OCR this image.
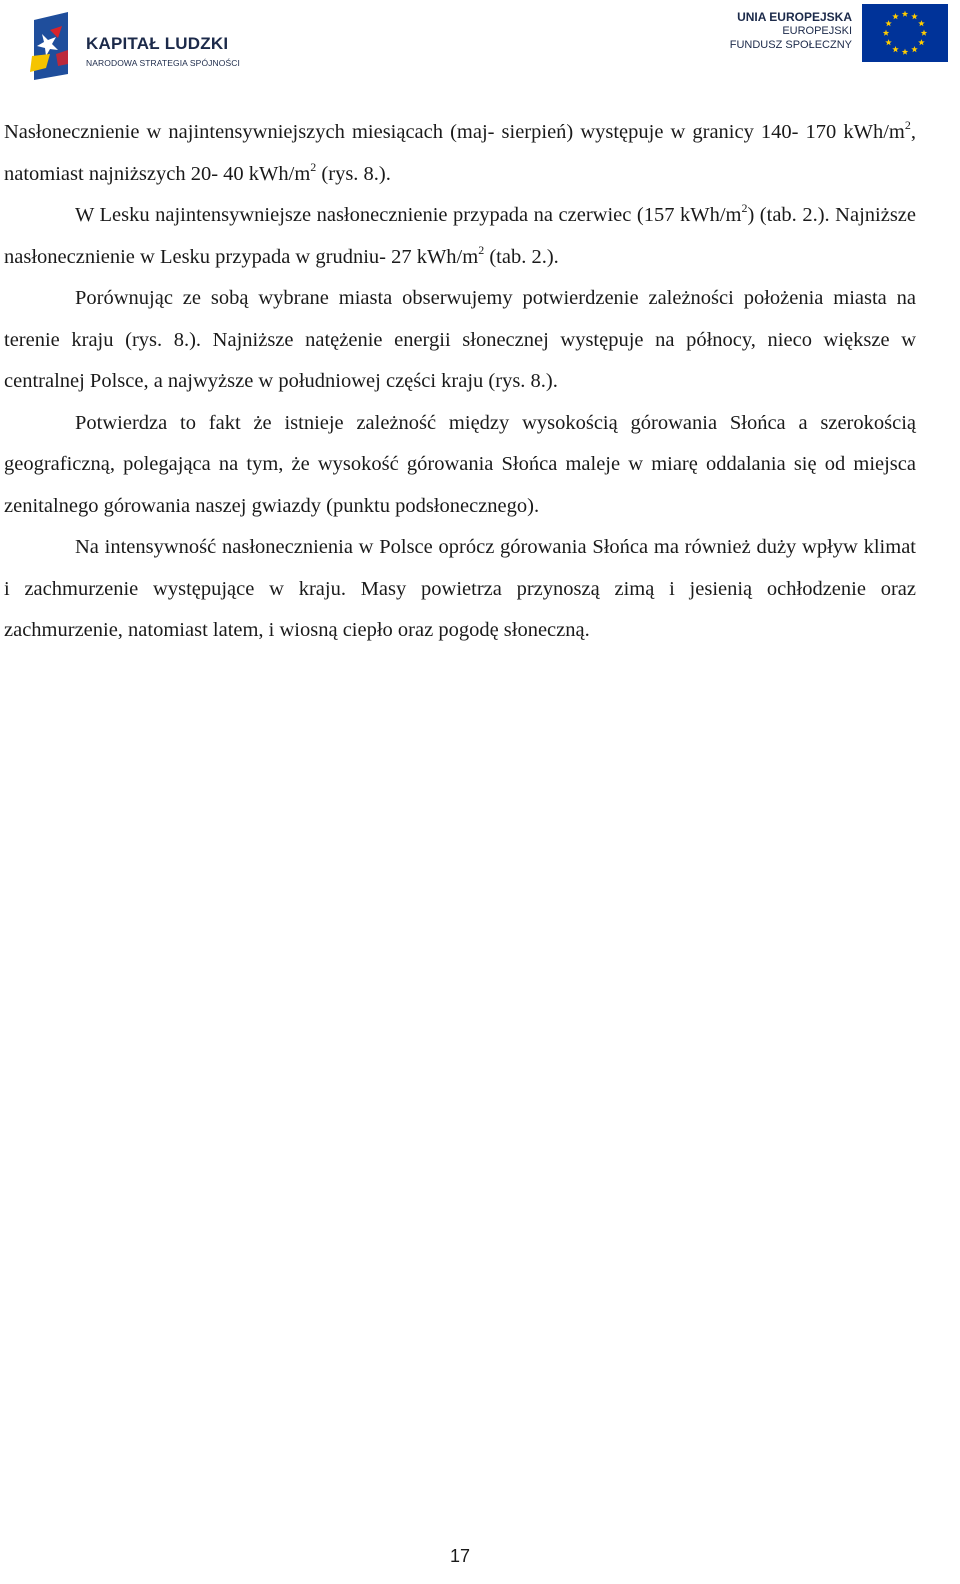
KAPITAŁ LUDZKI
NARODOWA STRATEGIA SPÓJNOŚCI
UNIA EUROPEJSKA
EUROPEJSKI
FUNDUSZ SPOŁECZNY

Nasłonecznienie w najintensywniejszych miesiącach (maj- sierpień) występuje w granicy 140- 170 kWh/$m^2$, natomiast najniższych 20- 40 kWh/$m^2$ (rys. 8.).

W Lesku najintensywniejsze nasłonecznienie przypada na czerwiec (157 kWh/$m^2$) (tab. 2.). Najniższe nasłonecznienie w Lesku przypada w grudniu- 27 kWh/$m^2$ (tab. 2.).

Porównując ze sobą wybrane miasta obserwujemy potwierdzenie zależności położenia miasta na terenie kraju (rys. 8.). Najniższe natężenie energii słonecznej występuje na północy, nieco większe w centralnej Polsce, a najwyższe w południowej części kraju (rys. 8.).

Potwierdza to fakt że istnieje zależność między wysokością górowania Słońca a szerokością geograficzną, polegająca na tym, że wysokość górowania Słońca maleje w miarę oddalania się od miejsca zenitalnego górowania naszej gwiazdy (punktu podsłonecznego).

Na intensywność nasłonecznienia w Polsce oprócz górowania Słońca ma również duży wpływ klimat i zachmurzenie występujące w kraju. Masy powietrza przynoszą zimą i jesienią ochłodzenie oraz zachmurzenie, natomiast latem, i wiosną ciepło oraz pogodę słoneczną.

17
